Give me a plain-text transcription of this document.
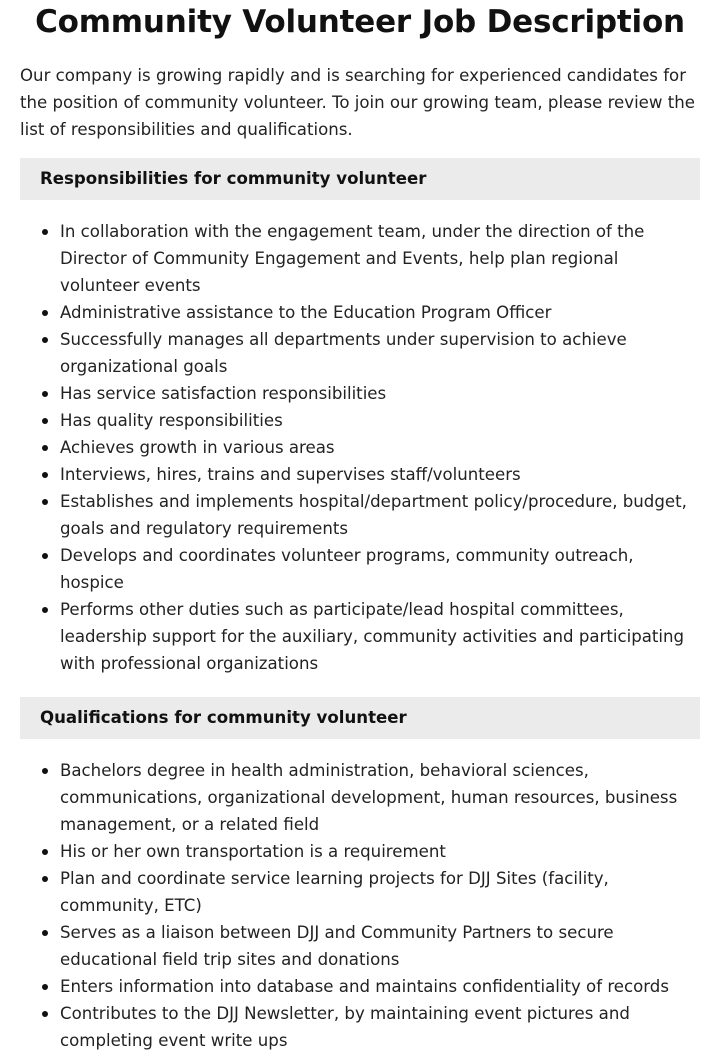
Community Volunteer Job Description

Our company is growing rapidly and is searching for experienced candidates for the position of community volunteer. To join our growing team, please review the list of responsibilities and qualifications.

Responsibilities for community volunteer
In collaboration with the engagement team, under the direction of the Director of Community Engagement and Events, help plan regional volunteer events
Administrative assistance to the Education Program Officer
Successfully manages all departments under supervision to achieve organizational goals
Has service satisfaction responsibilities
Has quality responsibilities
Achieves growth in various areas
Interviews, hires, trains and supervises staff/volunteers
Establishes and implements hospital/department policy/procedure, budget, goals and regulatory requirements
Develops and coordinates volunteer programs, community outreach, hospice
Performs other duties such as participate/lead hospital committees, leadership support for the auxiliary, community activities and participating with professional organizations
Qualifications for community volunteer
Bachelors degree in health administration, behavioral sciences, communications, organizational development, human resources, business management, or a related field
His or her own transportation is a requirement
Plan and coordinate service learning projects for DJJ Sites (facility, community, ETC)
Serves as a liaison between DJJ and Community Partners to secure educational field trip sites and donations
Enters information into database and maintains confidentiality of records
Contributes to the DJJ Newsletter, by maintaining event pictures and completing event write ups
